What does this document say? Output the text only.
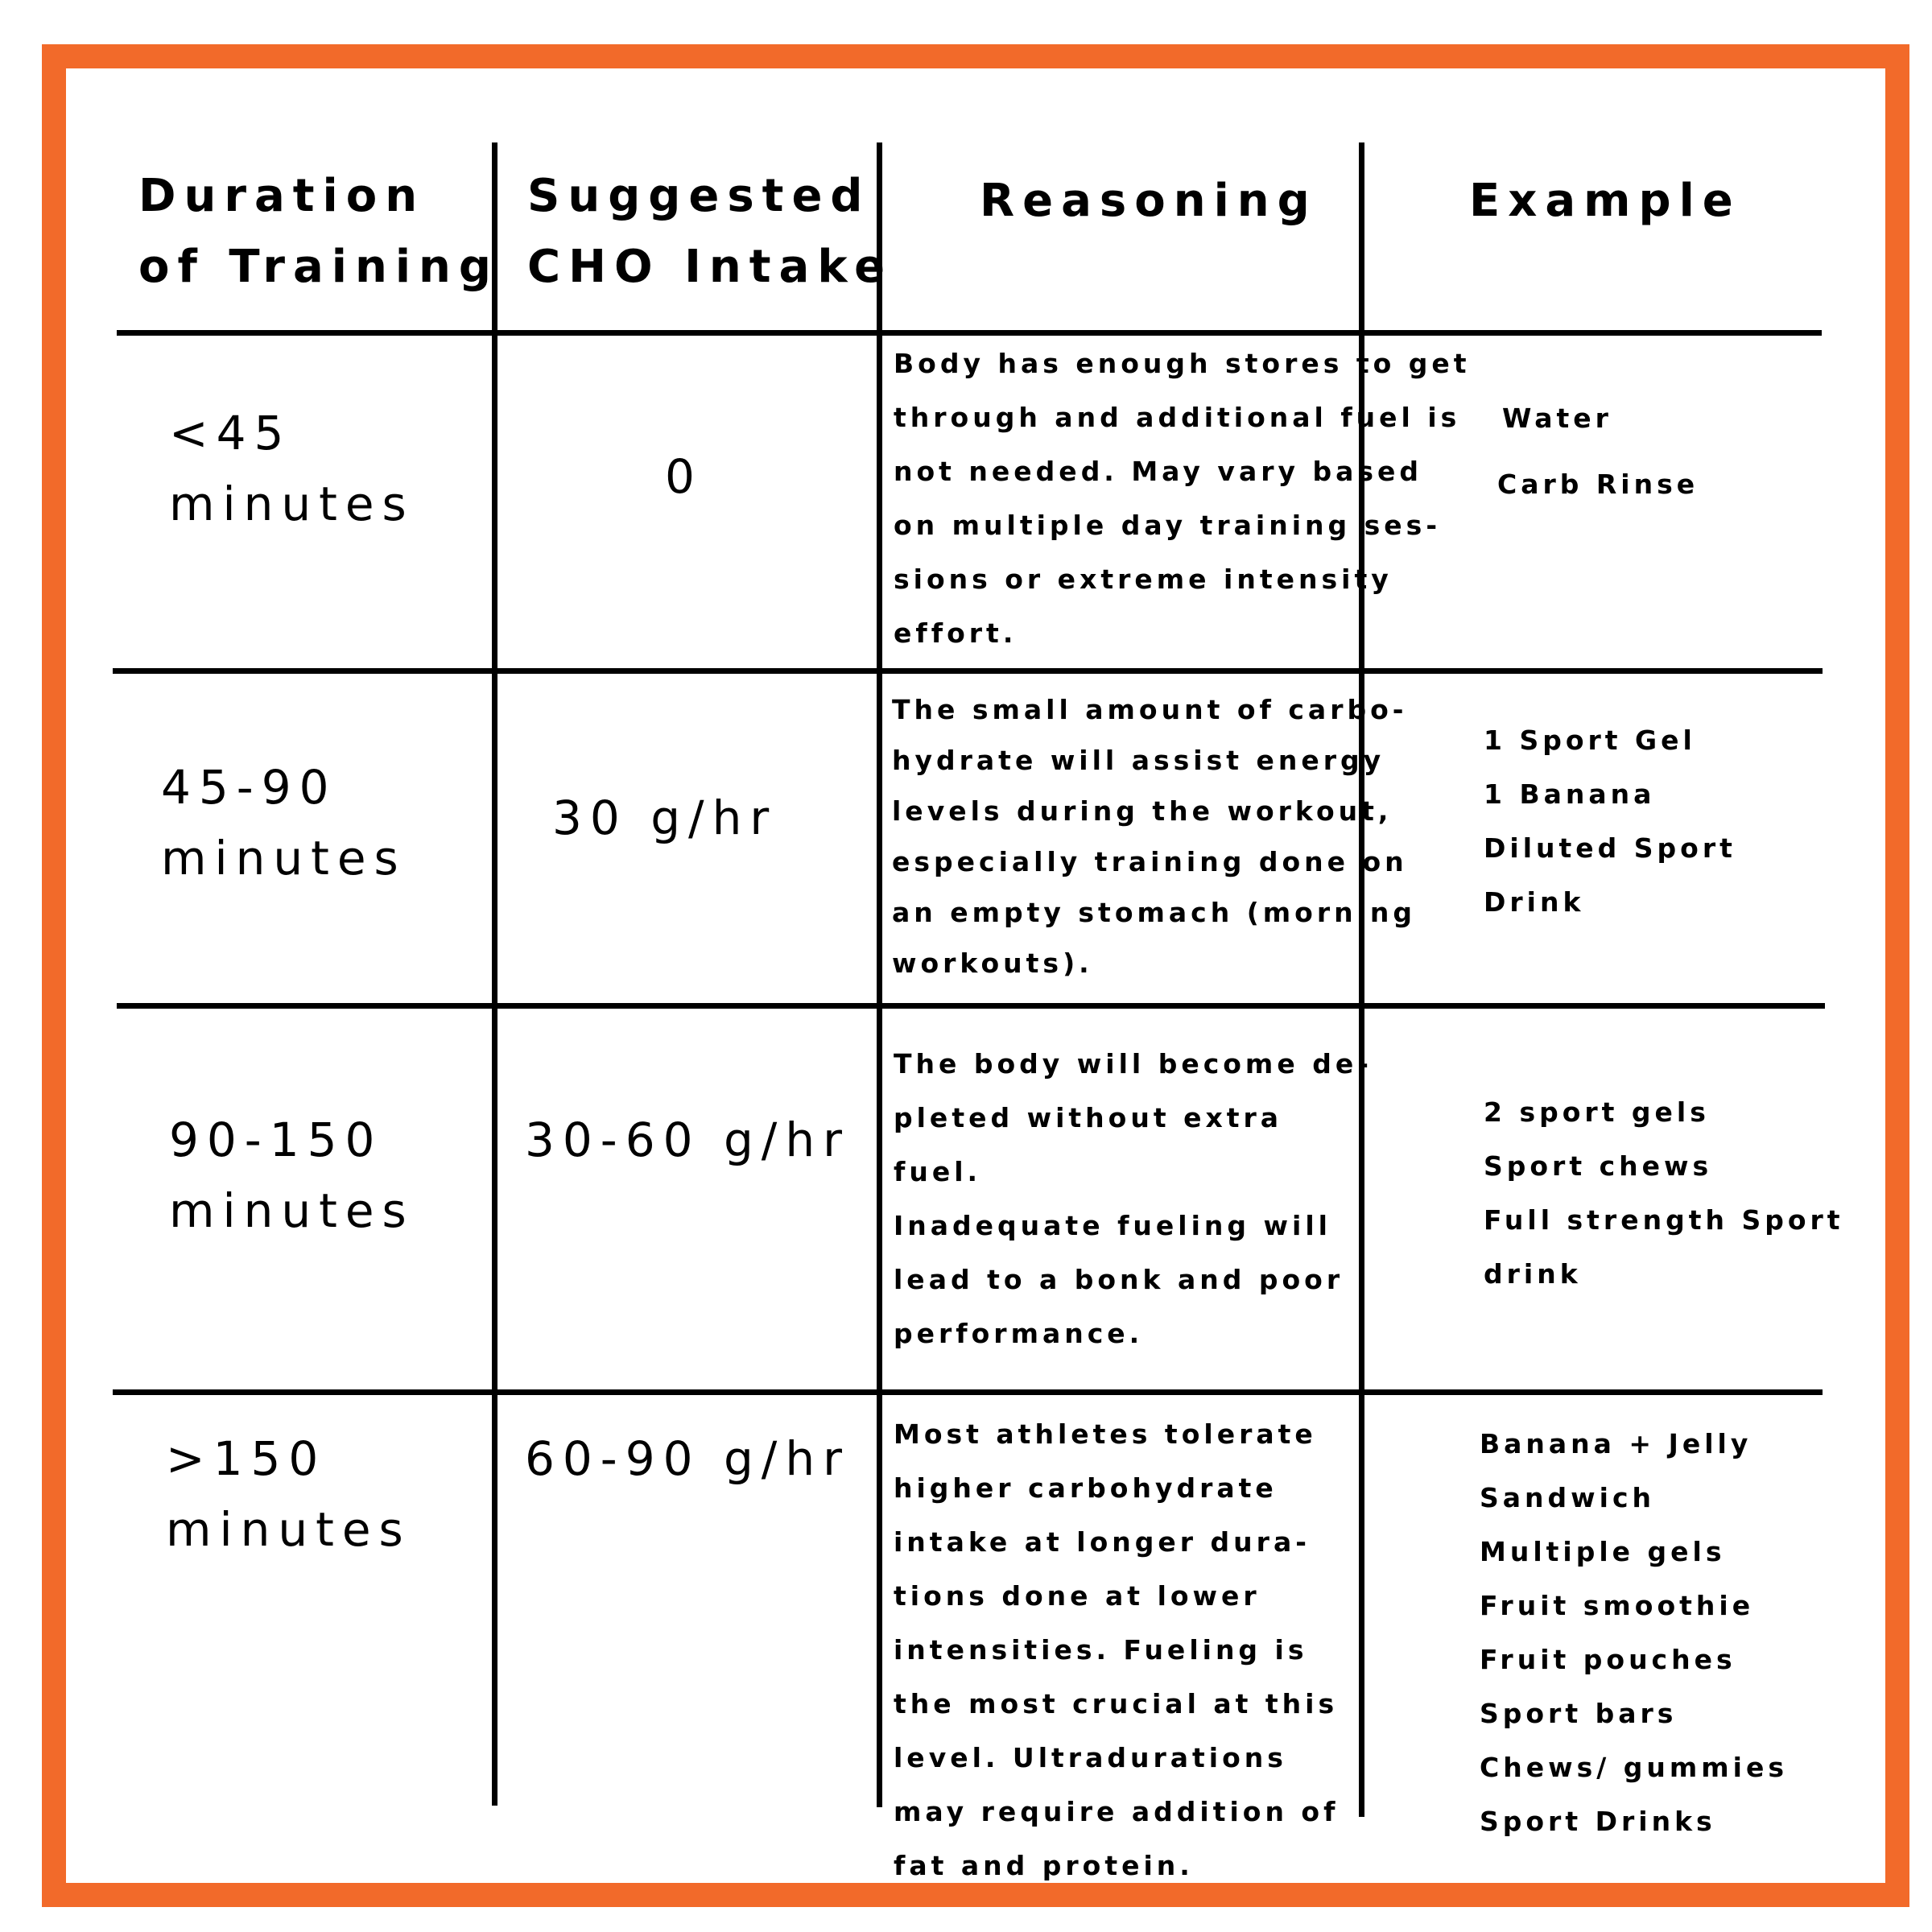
Duration
of Training
Suggested
CHO Intake
Reasoning	Example
<45
minutes	0
Body has enough stores to get
through and additional fuel is
not needed. May vary based
on multiple day training ses-
sions or extreme intensity
effort.
Water
Carb Rinse
45-90
minutes
30 g/hr
The small amount of carbo-
hydrate will assist energy
levels during the workout,
especially training done on
an empty stomach (morning
workouts).
1 Sport Gel
1 Banana
Diluted Sport
Drink
90-150
minutes
30-60 g/hr
The body will become de-
pleted without extra
fuel.
Inadequate fueling will
lead to a bonk and poor
performance.
2 sport gels
Sport chews
Full strength Sport
drink
>150
minutes
60-90 g/hr Most athletes tolerate
higher carbohydrate
intake at longer dura-
tions done at lower
intensities. Fueling is
the most crucial at this
level. Ultradurations
may require addition of
fat and protein.
Banana + Jelly
Sandwich
Multiple gels
Fruit smoothie
Fruit pouches
Sport bars
Chews/ gummies
Sport Drinks
